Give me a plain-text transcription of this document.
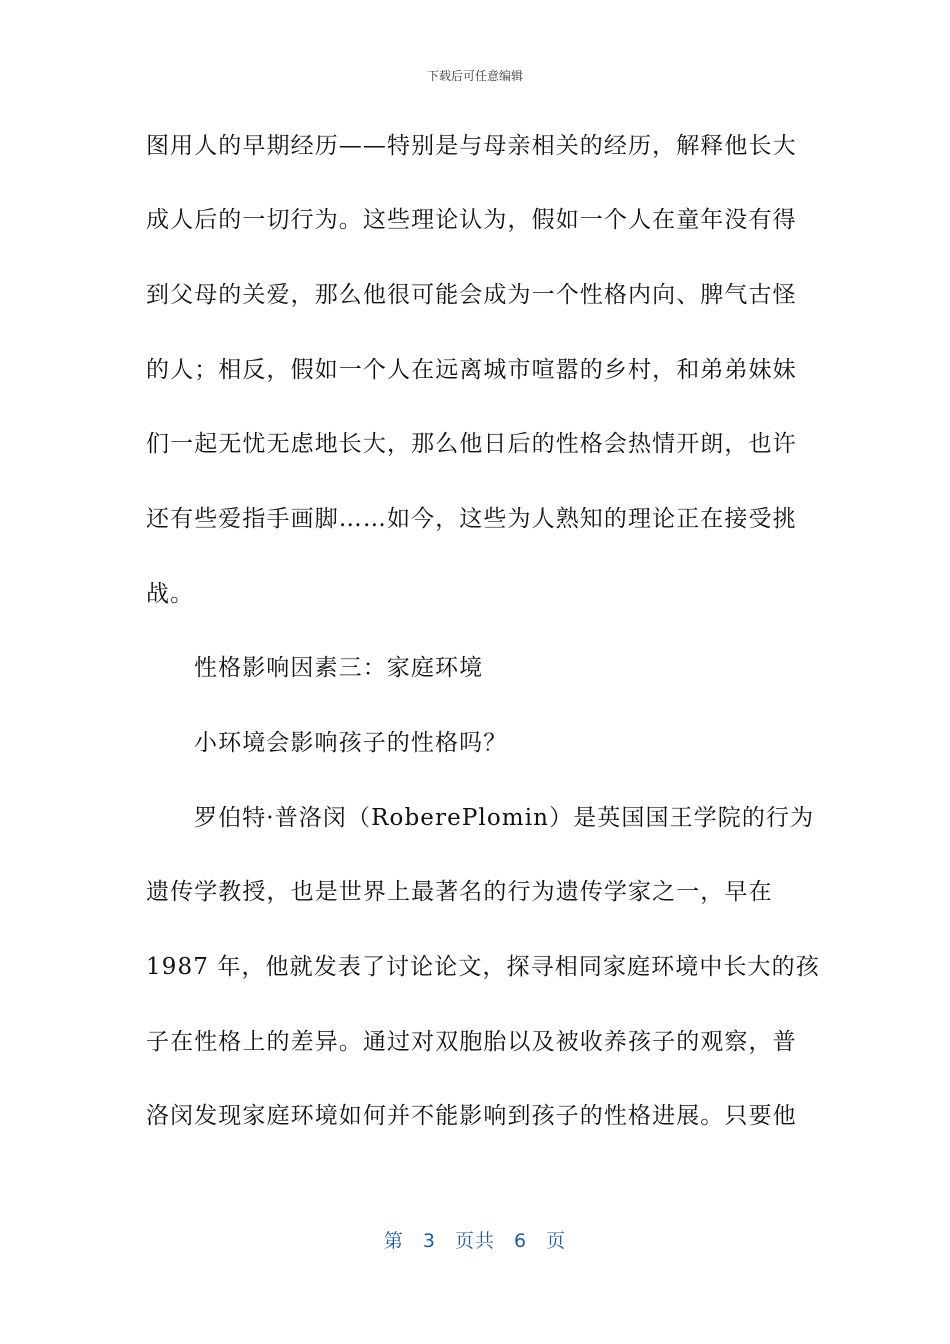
下载后可任意编辑
图用人的早期经历——特别是与母亲相关的经历，解释他长大
成人后的一切行为。这些理论认为，假如一个人在童年没有得
到父母的关爱，那么他很可能会成为一个性格内向、脾气古怪
的人；相反，假如一个人在远离城市喧嚣的乡村，和弟弟妹妹
们一起无忧无虑地长大，那么他日后的性格会热情开朗，也许
还有些爱指手画脚……如今，这些为人熟知的理论正在接受挑
战。
性格影响因素三：家庭环境
小环境会影响孩子的性格吗？
罗伯特·普洛闵（RoberePlomin）是英国国王学院的行为
遗传学教授，也是世界上最著名的行为遗传学家之一，早在
1987 年，他就发表了讨论论文，探寻相同家庭环境中长大的孩
子在性格上的差异。通过对双胞胎以及被收养孩子的观察，普
洛闵发现家庭环境如何并不能影响到孩子的性格进展。只要他
第 3 页共 6 页
